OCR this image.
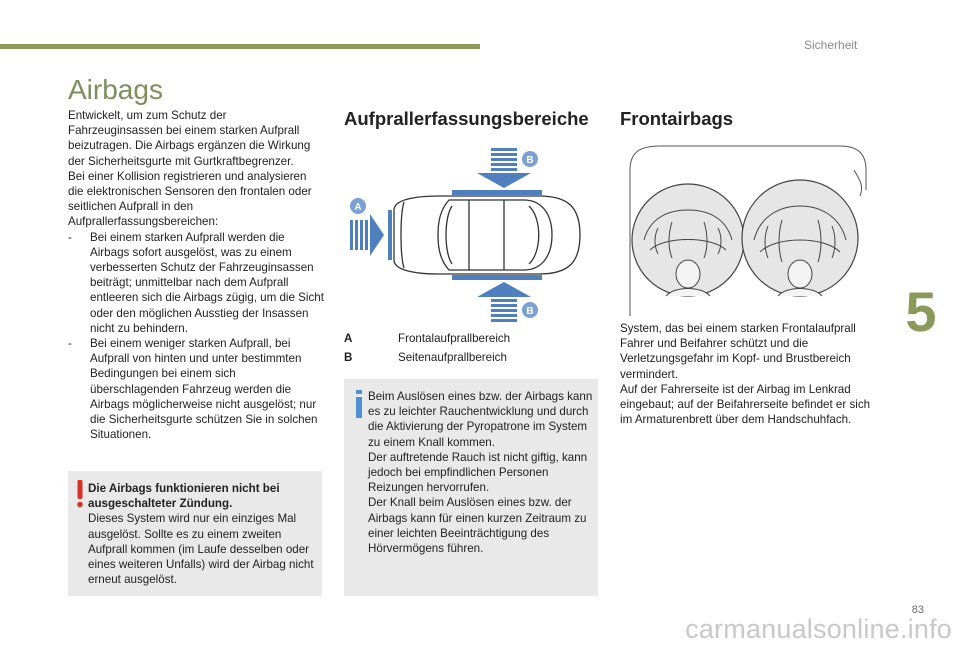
Sicherheit
5
Airbags

Entwickelt, um zum Schutz der Fahrzeuginsassen bei einem starken Aufprall beizutragen. Die Airbags ergänzen die Wirkung der Sicherheitsgurte mit Gurtkraftbegrenzer.

Bei einer Kollision registrieren und analysieren die elektronischen Sensoren den frontalen oder seitlichen Aufprall in den Aufprallerfassungsbereichen:

-	Bei einem starken Aufprall werden die Airbags sofort ausgelöst, was zu einem verbesserten Schutz der Fahrzeuginsassen beiträgt; unmittelbar nach dem Aufprall entleeren sich die Airbags zügig, um die Sicht oder den möglichen Ausstieg der Insassen nicht zu behindern.
-	Bei einem weniger starken Aufprall, bei Aufprall von hinten und unter bestimmten Bedingungen bei einem sich überschlagenden Fahrzeug werden die Airbags möglicherweise nicht ausgelöst; nur die Sicherheitsgurte schützen Sie in solchen Situationen.
Die Airbags funktionieren nicht bei ausgeschalteter Zündung.
Dieses System wird nur ein einziges Mal ausgelöst. Sollte es zu einem zweiten Aufprall kommen (im Laufe desselben oder eines weiteren Unfalls) wird der Airbag nicht erneut ausgelöst.
Aufprallerfassungsbereiche
B
B
A
A	Frontalaufprallbereich
B	Seitenaufprallbereich

Beim Auslösen eines bzw. der Airbags kann es zu leichter Rauchentwicklung und durch die Aktivierung der Pyropatrone im System zu einem Knall kommen.

Der auftretende Rauch ist nicht giftig, kann jedoch bei empfindlichen Personen Reizungen hervorrufen.

Der Knall beim Auslösen eines bzw. der Airbags kann für einen kurzen Zeitraum zu einer leichten Beeinträchtigung des Hörvermögens führen.

Frontairbags

System, das bei einem starken Frontalaufprall Fahrer und Beifahrer schützt und die Verletzungsgefahr im Kopf- und Brustbereich vermindert.

Auf der Fahrerseite ist der Airbag im Lenkrad eingebaut; auf der Beifahrerseite befindet er sich im Armaturenbrett über dem Handschuhfach.

83
carmanualsonline.info
